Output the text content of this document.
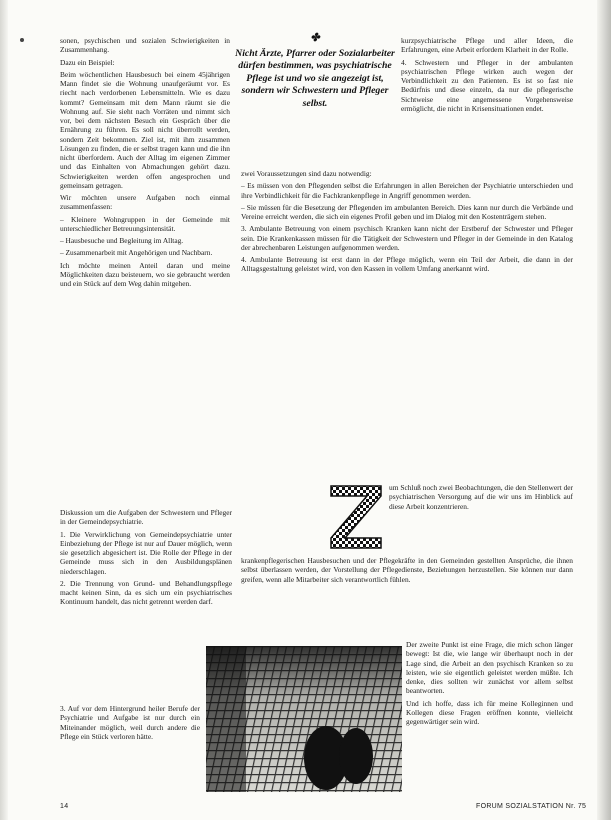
sonen, psychischen und sozialen Schwierigkeiten in Zusammenhang.

Dazu ein Beispiel:

Beim wöchentlichen Hausbesuch bei einem 45jährigen Mann findet sie die Wohnung unaufgeräumt vor. Es riecht nach verdorbenen Lebensmitteln. Wie es dazu kommt? Gemeinsam mit dem Mann räumt sie die Wohnung auf. Sie sieht nach Vorräten und nimmt sich vor, bei dem nächsten Besuch ein Gespräch über die Ernährung zu führen. Es soll nicht überrollt werden, sondern Zeit bekommen. Ziel ist, mit ihm zusammen Lösungen zu finden, die er selbst tragen kann und die ihn nicht überfordern. Auch der Alltag im eigenen Zimmer und das Einhalten von Abmachungen gehört dazu. Schwierigkeiten werden offen angesprochen und gemeinsam getragen.

Wir möchten unsere Aufgaben noch einmal zusammenfassen:

– Kleinere Wohngruppen in der Gemeinde mit unterschiedlicher Betreuungsintensität.

– Hausbesuche und Begleitung im Alltag.

– Zusammenarbeit mit Angehörigen und Nachbarn.

Ich möchte meinen Anteil daran und meine Möglichkeiten dazu beisteuern, wo sie gebraucht werden und ein Stück auf dem Weg dahin mitgehen.

✤
Nicht Ärzte, Pfarrer oder Sozialarbeiter dürfen bestimmen, was psychiatrische Pflege ist und wo sie angezeigt ist, sondern wir Schwestern und Pfleger selbst.

kurzpsychiatrische Pflege und aller Ideen, die Erfahrungen, eine Arbeit erfordern Klarheit in der Rolle.

4. Schwestern und Pfleger in der ambulanten psychiatrischen Pflege wirken auch wegen der Verbindlichkeit zu den Patienten. Es ist so fast nie Bedürfnis und diese einzeln, da nur die pflegerische Sichtweise eine angemessene Vorgehensweise ermöglicht, die nicht in Krisensituationen endet.

zwei Voraussetzungen sind dazu notwendig:

– Es müssen von den Pflegenden selbst die Erfahrungen in allen Bereichen der Psychiatrie unterschieden und ihre Verbindlichkeit für die Fachkrankenpflege in Angriff genommen werden.

– Sie müssen für die Besetzung der Pflegenden im ambulanten Bereich. Dies kann nur durch die Verbände und Vereine erreicht werden, die sich ein eigenes Profil geben und im Dialog mit den Kostenträgern stehen.

3. Ambulante Betreuung von einem psychisch Kranken kann nicht der Erstberuf der Schwester und Pfleger sein. Die Krankenkassen müssen für die Tätigkeit der Schwestern und Pfleger in der Gemeinde in den Katalog der abrechenbaren Leistungen aufgenommen werden.

4. Ambulante Betreuung ist erst dann in der Pflege möglich, wenn ein Teil der Arbeit, die dann in der Alltagsgestaltung geleistet wird, von den Kassen in vollem Umfang anerkannt wird.

um Schluß noch zwei Beobachtungen, die den Stellenwert der psychiatrischen Versorgung auf die wir uns im Hinblick auf diese Arbeit konzentrieren.

krankenpflegerischen Hausbesuchen und der Pflegekräfte in den Gemeinden gestellten Ansprüche, die ihnen selbst überlassen werden, der Vorstellung der Pflegedienste, Beziehungen herzustellen. Sie können nur dann greifen, wenn alle Mitarbeiter sich verantwortlich fühlen.

Der zweite Punkt ist eine Frage, die mich schon länger bewegt: Ist die, wie lange wir überhaupt noch in der Lage sind, die Arbeit an den psychisch Kranken so zu leisten, wie sie eigentlich geleistet werden müßte. Ich denke, dies sollten wir zunächst vor allem selbst beantworten.

Und ich hoffe, dass ich für meine Kolleginnen und Kollegen diese Fragen eröffnen konnte, vielleicht gegenwärtiger sein wird.

Diskussion um die Aufgaben der Schwestern und Pfleger in der Gemeindepsychiatrie.

1. Die Verwirklichung von Gemeindepsychiatrie unter Einbeziehung der Pflege ist nur auf Dauer möglich, wenn sie gesetzlich abgesichert ist. Die Rolle der Pflege in der Gemeinde muss sich in den Ausbildungsplänen niederschlagen.

2. Die Trennung von Grund- und Behandlungspflege macht keinen Sinn, da es sich um ein psychiatrisches Kontinuum handelt, das nicht getrennt werden darf.

3. Auf vor dem Hintergrund heiler Berufe der Psychiatrie und Aufgabe ist nur durch ein Miteinander möglich, weil durch andere die Pflege ein Stück verloren hätte.

14	FORUM SOZIALSTATION Nr. 75
